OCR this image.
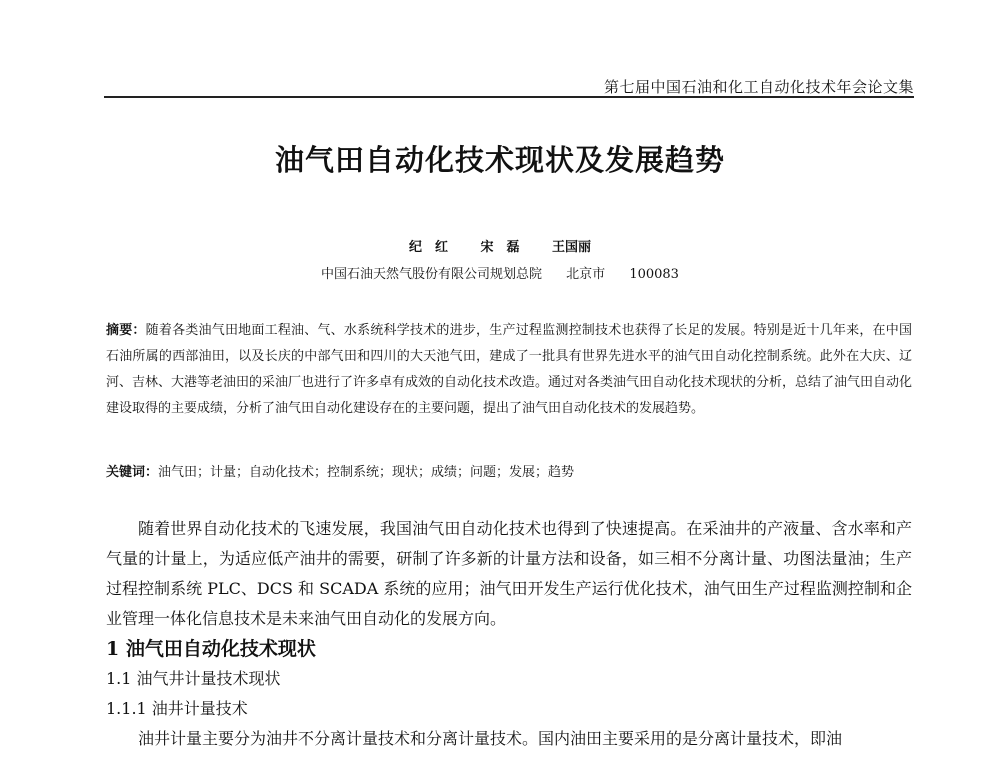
第七届中国石油和化工自动化技术年会论文集
油气田自动化技术现状及发展趋势
纪　红	宋　磊	王国丽
中国石油天然气股份有限公司规划总院 北京市 100083
摘要：随着各类油气田地面工程油、气、水系统科学技术的进步，生产过程监测控制技术也获得了长足的发展。特别是近十几年来，在中国石油所属的西部油田，以及长庆的中部气田和四川的大天池气田，建成了一批具有世界先进水平的油气田自动化控制系统。此外在大庆、辽河、吉林、大港等老油田的采油厂也进行了许多卓有成效的自动化技术改造。通过对各类油气田自动化技术现状的分析，总结了油气田自动化建设取得的主要成绩，分析了油气田自动化建设存在的主要问题，提出了油气田自动化技术的发展趋势。
关键词：油气田；计量；自动化技术；控制系统；现状；成绩；问题；发展；趋势
随着世界自动化技术的飞速发展，我国油气田自动化技术也得到了快速提高。在采油井的产液量、含水率和产气量的计量上，为适应低产油井的需要，研制了许多新的计量方法和设备，如三相不分离计量、功图法量油；生产过程控制系统 PLC、DCS 和 SCADA 系统的应用；油气田开发生产运行优化技术，油气田生产过程监测控制和企业管理一体化信息技术是未来油气田自动化的发展方向。
1 油气田自动化技术现状
1.1 油气井计量技术现状
1.1.1 油井计量技术
油井计量主要分为油井不分离计量技术和分离计量技术。国内油田主要采用的是分离计量技术，即油
